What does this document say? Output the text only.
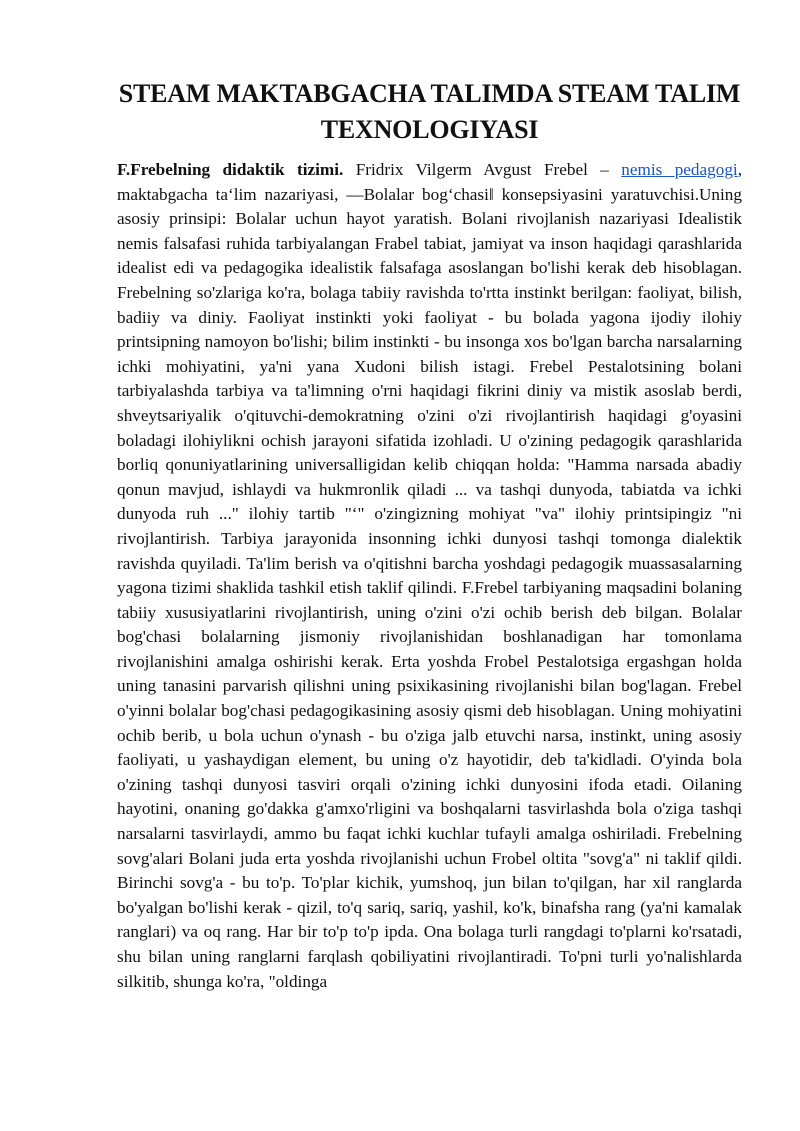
STEAM MAKTABGACHA TALIMDA STEAM TALIM TEXNOLOGIYASI

F.Frebelning didaktik tizimi. Fridrix Vilgerm Avgust Frebel – nemis pedagogi, maktabgacha taʻlim nazariyasi, ―Bolalar bogʻchasi‖ konsepsiyasini yaratuvchisi.Uning asosiy prinsipi: Bolalar uchun hayot yaratish. Bolani rivojlanish nazariyasi Idealistik nemis falsafasi ruhida tarbiyalangan Frabel tabiat, jamiyat va inson haqidagi qarashlarida idealist edi va pedagogika idealistik falsafaga asoslangan bo'lishi kerak deb hisoblagan. Frebelning so'zlariga ko'ra, bolaga tabiiy ravishda to'rtta instinkt berilgan: faoliyat, bilish, badiiy va diniy. Faoliyat instinkti yoki faoliyat - bu bolada yagona ijodiy ilohiy printsipning namoyon bo'lishi; bilim instinkti - bu insonga xos bo'lgan barcha narsalarning ichki mohiyatini, ya'ni yana Xudoni bilish istagi. Frebel Pestalotsining bolani tarbiyalashda tarbiya va ta'limning o'rni haqidagi fikrini diniy va mistik asoslab berdi, shveytsariyalik o'qituvchi-demokratning o'zini o'zi rivojlantirish haqidagi g'oyasini boladagi ilohiylikni ochish jarayoni sifatida izohladi. U o'zining pedagogik qarashlarida borliq qonuniyatlarining universalligidan kelib chiqqan holda: "Hamma narsada abadiy qonun mavjud, ishlaydi va hukmronlik qiladi ... va tashqi dunyoda, tabiatda va ichki dunyoda ruh ..." ilohiy tartib "ʻ" o'zingizning mohiyat "va" ilohiy printsipingiz "ni rivojlantirish. Tarbiya jarayonida insonning ichki dunyosi tashqi tomonga dialektik ravishda quyiladi. Ta'lim berish va o'qitishni barcha yoshdagi pedagogik muassasalarning yagona tizimi shaklida tashkil etish taklif qilindi. F.Frebel tarbiyaning maqsadini bolaning tabiiy xususiyatlarini rivojlantirish, uning o'zini o'zi ochib berish deb bilgan. Bolalar bog'chasi bolalarning jismoniy rivojlanishidan boshlanadigan har tomonlama rivojlanishini amalga oshirishi kerak. Erta yoshda Frobel Pestalotsiga ergashgan holda uning tanasini parvarish qilishni uning psixikasining rivojlanishi bilan bog'lagan. Frebel o'yinni bolalar bog'chasi pedagogikasining asosiy qismi deb hisoblagan. Uning mohiyatini ochib berib, u bola uchun o'ynash - bu o'ziga jalb etuvchi narsa, instinkt, uning asosiy faoliyati, u yashaydigan element, bu uning o'z hayotidir, deb ta'kidladi. O'yinda bola o'zining tashqi dunyosi tasviri orqali o'zining ichki dunyosini ifoda etadi. Oilaning hayotini, onaning go'dakka g'amxo'rligini va boshqalarni tasvirlashda bola o'ziga tashqi narsalarni tasvirlaydi, ammo bu faqat ichki kuchlar tufayli amalga oshiriladi. Frebelning sovg'alari Bolani juda erta yoshda rivojlanishi uchun Frobel oltita "sovg'a" ni taklif qildi. Birinchi sovg'a - bu to'p. To'plar kichik, yumshoq, jun bilan to'qilgan, har xil ranglarda bo'yalgan bo'lishi kerak - qizil, to'q sariq, sariq, yashil, ko'k, binafsha rang (ya'ni kamalak ranglari) va oq rang. Har bir to'p to'p ipda. Ona bolaga turli rangdagi to'plarni ko'rsatadi, shu bilan uning ranglarni farqlash qobiliyatini rivojlantiradi. To'pni turli yo'nalishlarda silkitib, shunga ko'ra, "oldinga
